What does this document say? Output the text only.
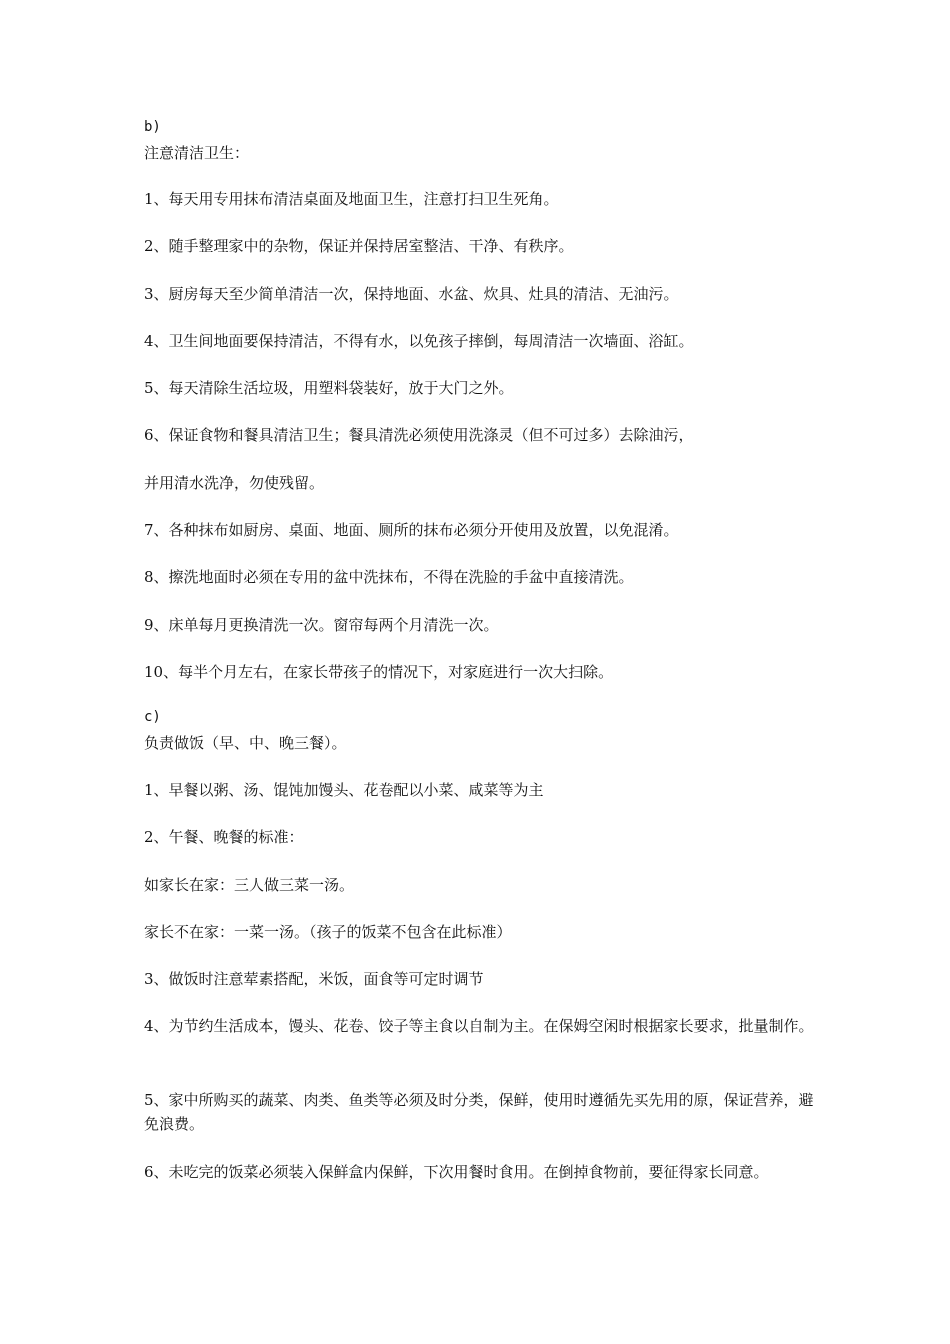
b)
注意清洁卫生：
1、每天用专用抹布清洁桌面及地面卫生，注意打扫卫生死角。
2、随手整理家中的杂物，保证并保持居室整洁、干净、有秩序。
3、厨房每天至少简单清洁一次，保持地面、水盆、炊具、灶具的清洁、无油污。
4、卫生间地面要保持清洁，不得有水，以免孩子摔倒，每周清洁一次墙面、浴缸。
5、每天清除生活垃圾，用塑料袋装好，放于大门之外。
6、保证食物和餐具清洁卫生；餐具清洗必须使用洗涤灵（但不可过多）去除油污，
并用清水洗净，勿使残留。
7、各种抹布如厨房、桌面、地面、厕所的抹布必须分开使用及放置，以免混淆。
8、擦洗地面时必须在专用的盆中洗抹布，不得在洗脸的手盆中直接清洗。
9、床单每月更换清洗一次。窗帘每两个月清洗一次。
10、每半个月左右，在家长带孩子的情况下，对家庭进行一次大扫除。
c)
负责做饭（早、中、晚三餐）。
1、早餐以粥、汤、馄饨加馒头、花卷配以小菜、咸菜等为主
2、午餐、晚餐的标准：
如家长在家：三人做三菜一汤。
家长不在家：一菜一汤。（孩子的饭菜不包含在此标准）
3、做饭时注意荤素搭配，米饭，面食等可定时调节
4、为节约生活成本，馒头、花卷、饺子等主食以自制为主。在保姆空闲时根据家长要求，批量制作。
5、家中所购买的蔬菜、肉类、鱼类等必须及时分类，保鲜，使用时遵循先买先用的原，保证营养，避免浪费。
6、未吃完的饭菜必须装入保鲜盒内保鲜，下次用餐时食用。在倒掉食物前，要征得家长同意。
